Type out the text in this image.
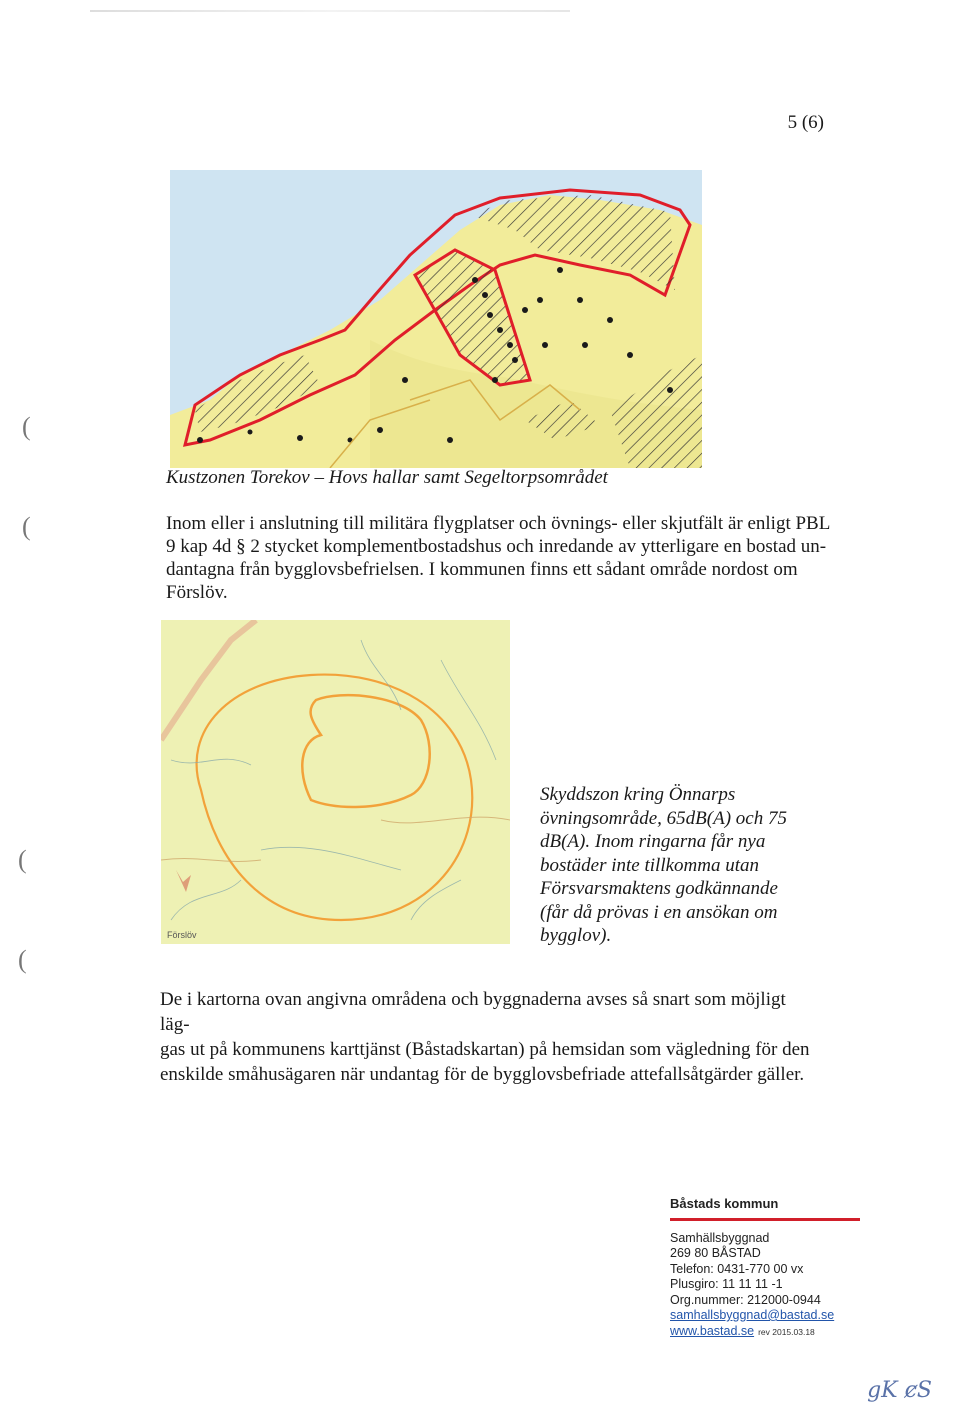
5 (6)
Kustzonen Torekov – Hovs hallar samt Segeltorpsområdet

Inom eller i anslutning till militära flygplatser och övnings- eller skjutfält är enligt PBL

9 kap 4d § 2 stycket komplementbostadshus och inredande av ytterligare en bostad un-

dantagna från bygglovsbefrielsen. I kommunen finns ett sådant område nordost om

Förslöv.

Förslöv
Skyddszon kring Önnarps
övningsområde, 65dB(A) och 75
dB(A). Inom ringarna får nya
bostäder inte tillkomma utan
Försvarsmaktens godkännande
(får då prövas i en ansökan om
bygglov).
De i kartorna ovan angivna områdena och byggnaderna avses så snart som möjligt läg-
gas ut på kommunens karttjänst (Båstadskartan) på hemsidan som vägledning för den
enskilde småhusägaren när undantag för de bygglovsbefriade attefallsåtgärder gäller.
(
(
(
(
Båstads kommun
Samhällsbyggnad
269 80 BÅSTAD
Telefon: 0431-770 00 vx
Plusgiro: 11 11 11 -1
Org.nummer: 212000-0944
samhallsbyggnad@bastad.se
www.bastad.se rev 2015.03.18
gK ȼS
